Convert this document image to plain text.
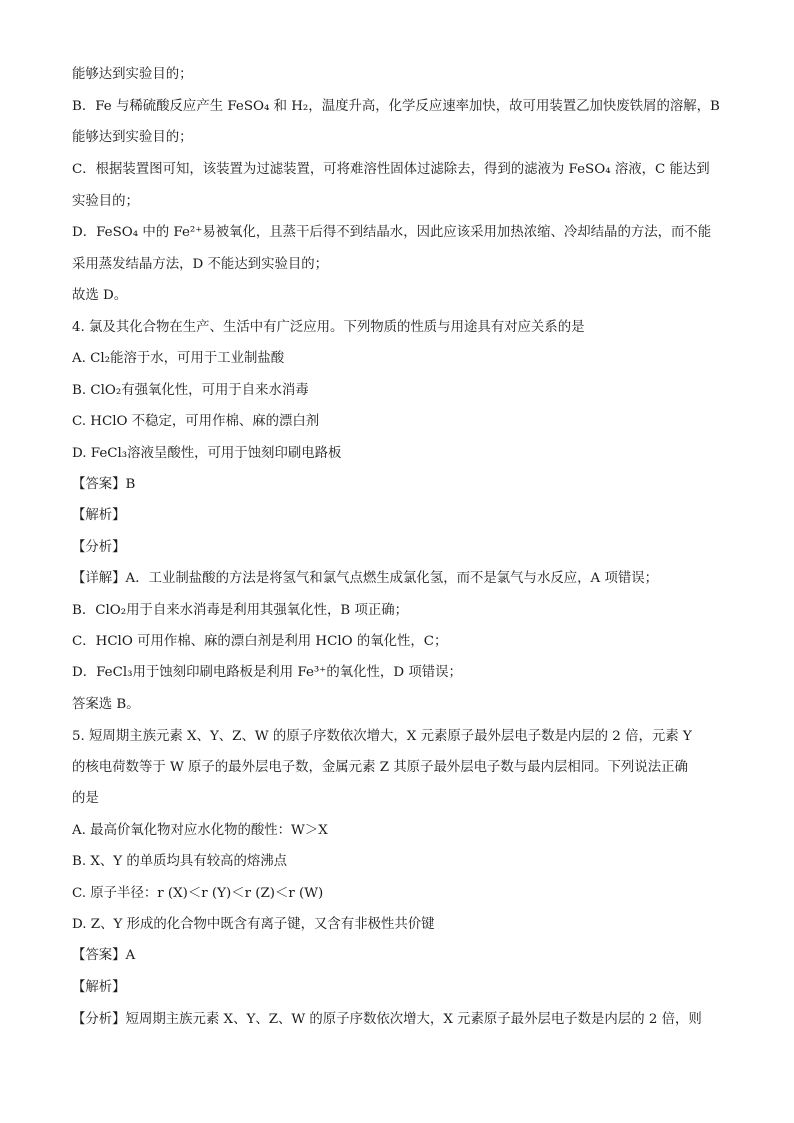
能够达到实验目的；
B．Fe 与稀硫酸反应产生 FeSO₄ 和 H₂，温度升高，化学反应速率加快，故可用装置乙加快废铁屑的溶解，B
能够达到实验目的；
C．根据装置图可知，该装置为过滤装置，可将难溶性固体过滤除去，得到的滤液为 FeSO₄ 溶液，C 能达到
实验目的；
D．FeSO₄ 中的 Fe²⁺易被氧化，且蒸干后得不到结晶水，因此应该采用加热浓缩、冷却结晶的方法，而不能
采用蒸发结晶方法，D 不能达到实验目的；
故选 D。
4. 氯及其化合物在生产、生活中有广泛应用。下列物质的性质与用途具有对应关系的是
A. Cl₂能溶于水，可用于工业制盐酸
B. ClO₂有强氧化性，可用于自来水消毒
C. HClO 不稳定，可用作棉、麻的漂白剂
D. FeCl₃溶液呈酸性，可用于蚀刻印刷电路板
【答案】B
【解析】
【分析】
【详解】A．工业制盐酸的方法是将氢气和氯气点燃生成氯化氢，而不是氯气与水反应，A 项错误；
B．ClO₂用于自来水消毒是利用其强氧化性，B 项正确；
C．HClO 可用作棉、麻的漂白剂是利用 HClO 的氧化性，C；
D．FeCl₃用于蚀刻印刷电路板是利用 Fe³⁺的氧化性，D 项错误；
答案选 B。
5. 短周期主族元素 X、Y、Z、W 的原子序数依次增大，X 元素原子最外层电子数是内层的 2 倍，元素 Y
的核电荷数等于 W 原子的最外层电子数，金属元素 Z 其原子最外层电子数与最内层相同。下列说法正确
的是
A. 最高价氧化物对应水化物的酸性：W＞X
B. X、Y 的单质均具有较高的熔沸点
C. 原子半径：r (X)＜r (Y)＜r (Z)＜r (W)
D. Z、Y 形成的化合物中既含有离子键，又含有非极性共价键
【答案】A
【解析】
【分析】短周期主族元素 X、Y、Z、W 的原子序数依次增大，X 元素原子最外层电子数是内层的 2 倍，则
